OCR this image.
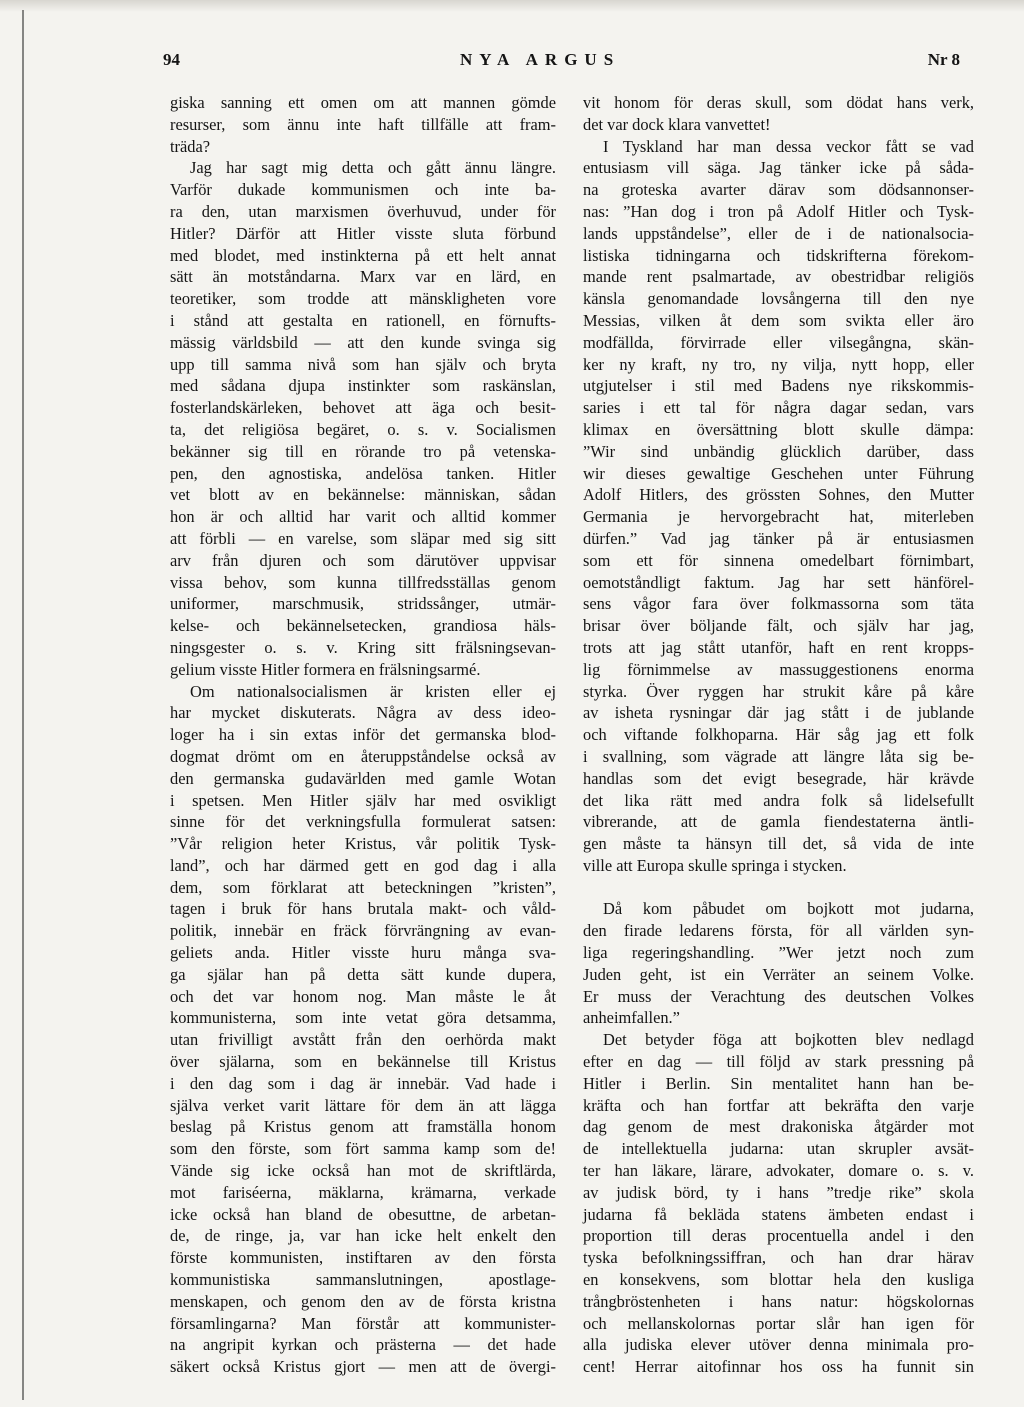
94	NYA ARGUS	Nr 8
giska sanning ett omen om att mannen gömde
resurser, som ännu inte haft tillfälle att fram-
träda?
Jag har sagt mig detta och gått ännu längre.
Varför dukade kommunismen och inte ba-
ra den, utan marxismen överhuvud, under för
Hitler? Därför att Hitler visste sluta förbund
med blodet, med instinkterna på ett helt annat
sätt än motståndarna. Marx var en lärd, en
teoretiker, som trodde att mänskligheten vore
i stånd att gestalta en rationell, en förnufts-
mässig världsbild — att den kunde svinga sig
upp till samma nivå som han själv och bryta
med sådana djupa instinkter som raskänslan,
fosterlandskärleken, behovet att äga och besit-
ta, det religiösa begäret, o. s. v. Socialismen
bekänner sig till en rörande tro på vetenska-
pen, den agnostiska, andelösa tanken. Hitler
vet blott av en bekännelse: människan, sådan
hon är och alltid har varit och alltid kommer
att förbli — en varelse, som släpar med sig sitt
arv från djuren och som därutöver uppvisar
vissa behov, som kunna tillfredsställas genom
uniformer, marschmusik, stridssånger, utmär-
kelse- och bekännelsetecken, grandiosa häls-
ningsgester o. s. v. Kring sitt frälsningsevan-
gelium visste Hitler formera en frälsningsarmé.
Om nationalsocialismen är kristen eller ej
har mycket diskuterats. Några av dess ideo-
loger ha i sin extas inför det germanska blod-
dogmat drömt om en återuppståndelse också av
den germanska gudavärlden med gamle Wotan
i spetsen. Men Hitler själv har med osvikligt
sinne för det verkningsfulla formulerat satsen:
”Vår religion heter Kristus, vår politik Tysk-
land”, och har därmed gett en god dag i alla
dem, som förklarat att beteckningen ”kristen”,
tagen i bruk för hans brutala makt- och våld-
politik, innebär en fräck förvrängning av evan-
geliets anda. Hitler visste huru många sva-
ga själar han på detta sätt kunde dupera,
och det var honom nog. Man måste le åt
kommunisterna, som inte vetat göra detsamma,
utan frivilligt avstått från den oerhörda makt
över själarna, som en bekännelse till Kristus
i den dag som i dag är innebär. Vad hade i
själva verket varit lättare för dem än att lägga
beslag på Kristus genom att framställa honom
som den förste, som fört samma kamp som de!
Vände sig icke också han mot de skriftlärda,
mot fariséerna, mäklarna, krämarna, verkade
icke också han bland de obesuttne, de arbetan-
de, de ringe, ja, var han icke helt enkelt den
förste kommunisten, instiftaren av den första
kommunistiska sammanslutningen, apostlage-
menskapen, och genom den av de första kristna
församlingarna? Man förstår att kommunister-
na angripit kyrkan och prästerna — det hade
säkert också Kristus gjort — men att de övergi-
vit honom för deras skull, som dödat hans verk,
det var dock klara vanvettet!
I Tyskland har man dessa veckor fått se vad
entusiasm vill säga. Jag tänker icke på såda-
na groteska avarter därav som dödsannonser-
nas: ”Han dog i tron på Adolf Hitler och Tysk-
lands uppståndelse”, eller de i de nationalsocia-
listiska tidningarna och tidskrifterna förekom-
mande rent psalmartade, av obestridbar religiös
känsla genomandade lovsångerna till den nye
Messias, vilken åt dem som svikta eller äro
modfällda, förvirrade eller vilsegångna, skän-
ker ny kraft, ny tro, ny vilja, nytt hopp, eller
utgjutelser i stil med Badens nye rikskommis-
saries i ett tal för några dagar sedan, vars
klimax en översättning blott skulle dämpa:
”Wir sind unbändig glücklich darüber, dass
wir dieses gewaltige Geschehen unter Führung
Adolf Hitlers, des grössten Sohnes, den Mutter
Germania je hervorgebracht hat, miterleben
dürfen.” Vad jag tänker på är entusiasmen
som ett för sinnena omedelbart förnimbart,
oemotståndligt faktum. Jag har sett hänförel-
sens vågor fara över folkmassorna som täta
brisar över böljande fält, och själv har jag,
trots att jag stått utanför, haft en rent kropps-
lig förnimmelse av massuggestionens enorma
styrka. Över ryggen har strukit kåre på kåre
av isheta rysningar där jag stått i de jublande
och viftande folkhoparna. Här såg jag ett folk
i svallning, som vägrade att längre låta sig be-
handlas som det evigt besegrade, här krävde
det lika rätt med andra folk så lidelsefullt
vibrerande, att de gamla fiendestaterna äntli-
gen måste ta hänsyn till det, så vida de inte
ville att Europa skulle springa i stycken.
Då kom påbudet om bojkott mot judarna,
den firade ledarens första, för all världen syn-
liga regeringshandling. ”Wer jetzt noch zum
Juden geht, ist ein Verräter an seinem Volke.
Er muss der Verachtung des deutschen Volkes
anheimfallen.”
Det betyder föga att bojkotten blev nedlagd
efter en dag — till följd av stark pressning på
Hitler i Berlin. Sin mentalitet hann han be-
kräfta och han fortfar att bekräfta den varje
dag genom de mest drakoniska åtgärder mot
de intellektuella judarna: utan skrupler avsät-
ter han läkare, lärare, advokater, domare o. s. v.
av judisk börd, ty i hans ”tredje rike” skola
judarna få bekläda statens ämbeten endast i
proportion till deras procentuella andel i den
tyska befolkningssiffran, och han drar härav
en konsekvens, som blottar hela den kusliga
trångbröstenheten i hans natur: högskolornas
och mellanskolornas portar slår han igen för
alla judiska elever utöver denna minimala pro-
cent! Herrar aitofinnar hos oss ha funnit sin
